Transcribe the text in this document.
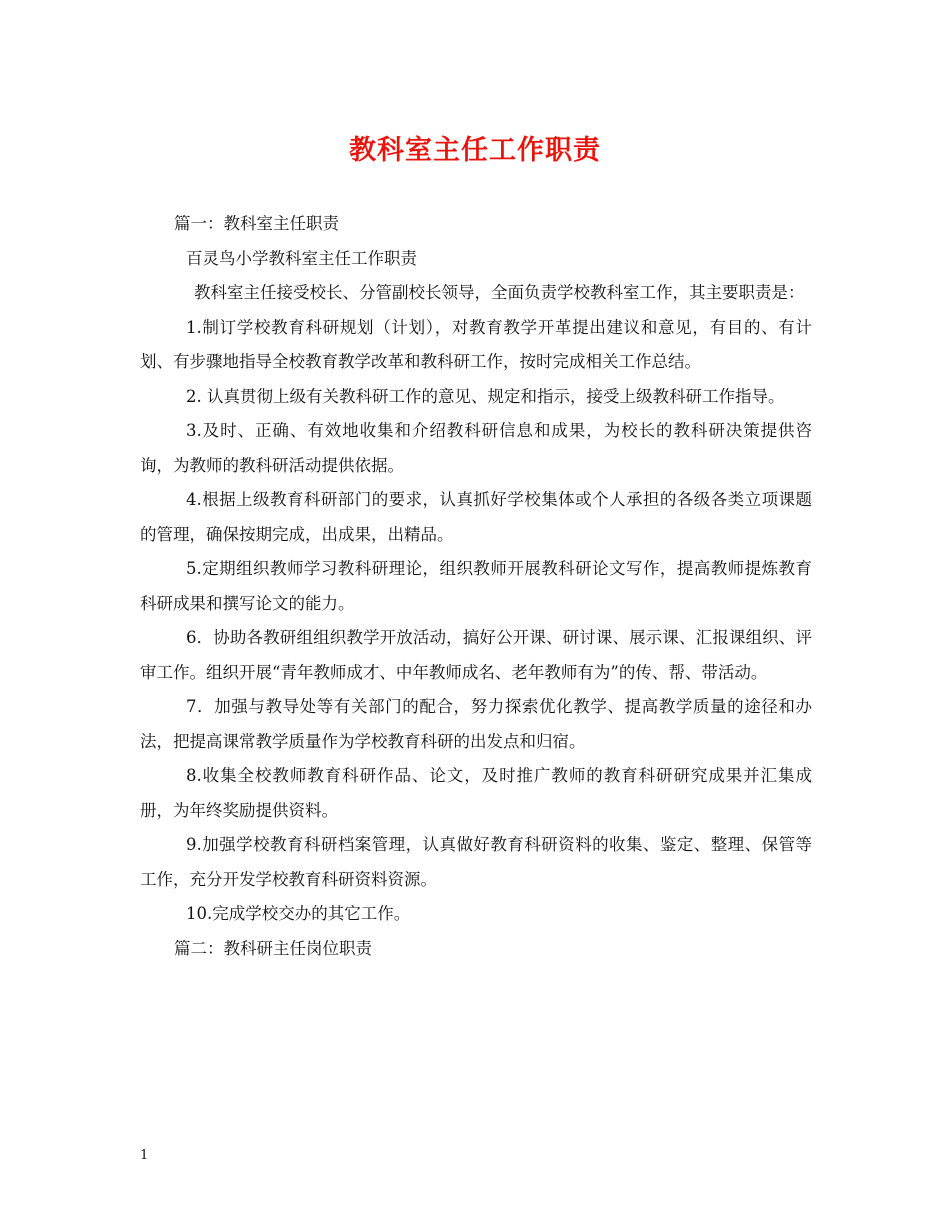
教科室主任工作职责

篇一：教科室主任职责

百灵鸟小学教科室主任工作职责

教科室主任接受校长、分管副校长领导，全面负责学校教科室工作，其主要职责是：

1.制订学校教育科研规划（计划），对教育教学开革提出建议和意见，有目的、有计划、有步骤地指导全校教育教学改革和教科研工作，按时完成相关工作总结。

2. 认真贯彻上级有关教科研工作的意见、规定和指示，接受上级教科研工作指导。

3.及时、正确、有效地收集和介绍教科研信息和成果，为校长的教科研决策提供咨询，为教师的教科研活动提供依据。

4.根据上级教育科研部门的要求，认真抓好学校集体或个人承担的各级各类立项课题的管理，确保按期完成，出成果，出精品。

5.定期组织教师学习教科研理论，组织教师开展教科研论文写作，提高教师提炼教育科研成果和撰写论文的能力。

6．协助各教研组组织教学开放活动，搞好公开课、研讨课、展示课、汇报课组织、评审工作。组织开展“青年教师成才、中年教师成名、老年教师有为”的传、帮、带活动。

7．加强与教导处等有关部门的配合，努力探索优化教学、提高教学质量的途径和办法，把提高课常教学质量作为学校教育科研的出发点和归宿。

8.收集全校教师教育科研作品、论文，及时推广教师的教育科研研究成果并汇集成册，为年终奖励提供资料。

9.加强学校教育科研档案管理，认真做好教育科研资料的收集、鉴定、整理、保管等工作，充分开发学校教育科研资料资源。

10.完成学校交办的其它工作。

篇二：教科研主任岗位职责

1
